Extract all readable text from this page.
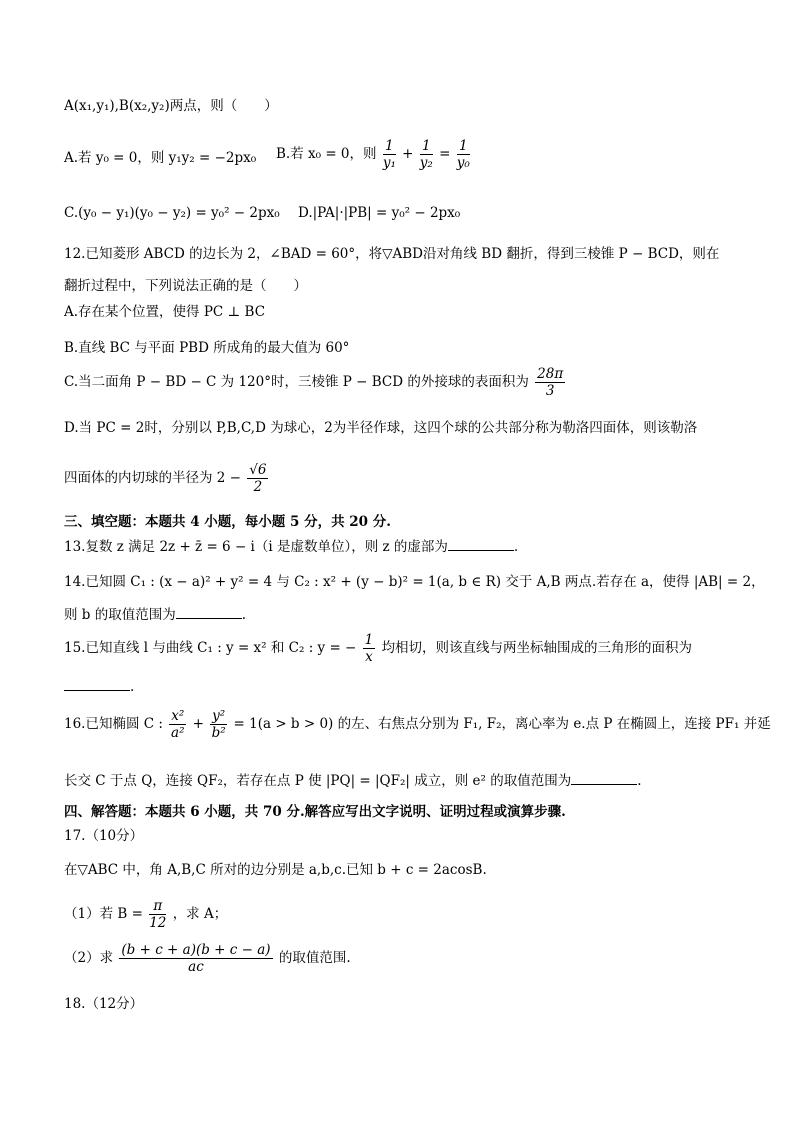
A(x₁,y₁),B(x₂,y₂)两点，则（　　）
A.若 y₀ = 0，则 y₁y₂ = −2px₀ B.若 x₀ = 0，则 $\frac{1}{\text{y₁}} + \frac{1}{\text{y₂}} = \frac{1}{\text{y₀}}$
C.(y₀ − y₁)(y₀ − y₂) = y₀² − 2px₀ D.|PA|·|PB| = y₀² − 2px₀
12.已知菱形 ABCD 的边长为 2，∠BAD = 60°，将▽ABD沿对角线 BD 翻折，得到三棱锥 P − BCD，则在
翻折过程中，下列说法正确的是（　　）
A.存在某个位置，使得 PC ⊥ BC
B.直线 BC 与平面 PBD 所成角的最大值为 60°
C.当二面角 P − BD − C 为 120°时，三棱锥 P − BCD 的外接球的表面积为 $\frac{28\pi}{3}$
D.当 PC = 2时，分别以 P,B,C,D 为球心，2为半径作球，这四个球的公共部分称为勒洛四面体，则该勒洛
四面体的内切球的半径为 $2 - \frac{√6}{2}$
三、填空题：本题共 4 小题，每小题 5 分，共 20 分.
13.复数 z 满足 2z + z̄ = 6 − i（i 是虚数单位），则 z 的虚部为	.
14.已知圆 C₁ : (x − a)² + y² = 4 与 C₂ : x² + (y − b)² = 1(a, b ∈ R) 交于 A,B 两点.若存在 a，使得 |AB| = 2，
则 b 的取值范围为	.
15.已知直线 l 与曲线 C₁ : y = x² 和 C₂ : y = − $\frac{1}{x}$ 均相切，则该直线与两坐标轴围成的三角形的面积为
.
16.已知椭圆 C : $\frac{\text{x²}}{\text{a²}} + \frac{\text{y²}}{\text{b²}} = 1(a > b > 0)$ 的左、右焦点分别为 F₁, F₂，离心率为 e.点 P 在椭圆上，连接 PF₁ 并延
长交 C 于点 Q，连接 QF₂，若存在点 P 使 |PQ| = |QF₂| 成立，则 e² 的取值范围为	.
四、解答题：本题共 6 小题，共 70 分.解答应写出文字说明、证明过程或演算步骤.
17.（10分）
在▽ABC 中，角 A,B,C 所对的边分别是 a,b,c.已知 b + c = 2acosB.
（1）若 $B = \frac{\pi}{12}$ ，求 A；
（2）求 $\frac{(b + c + a)(b + c - a)}{ac}$ 的取值范围.
18.（12分）
